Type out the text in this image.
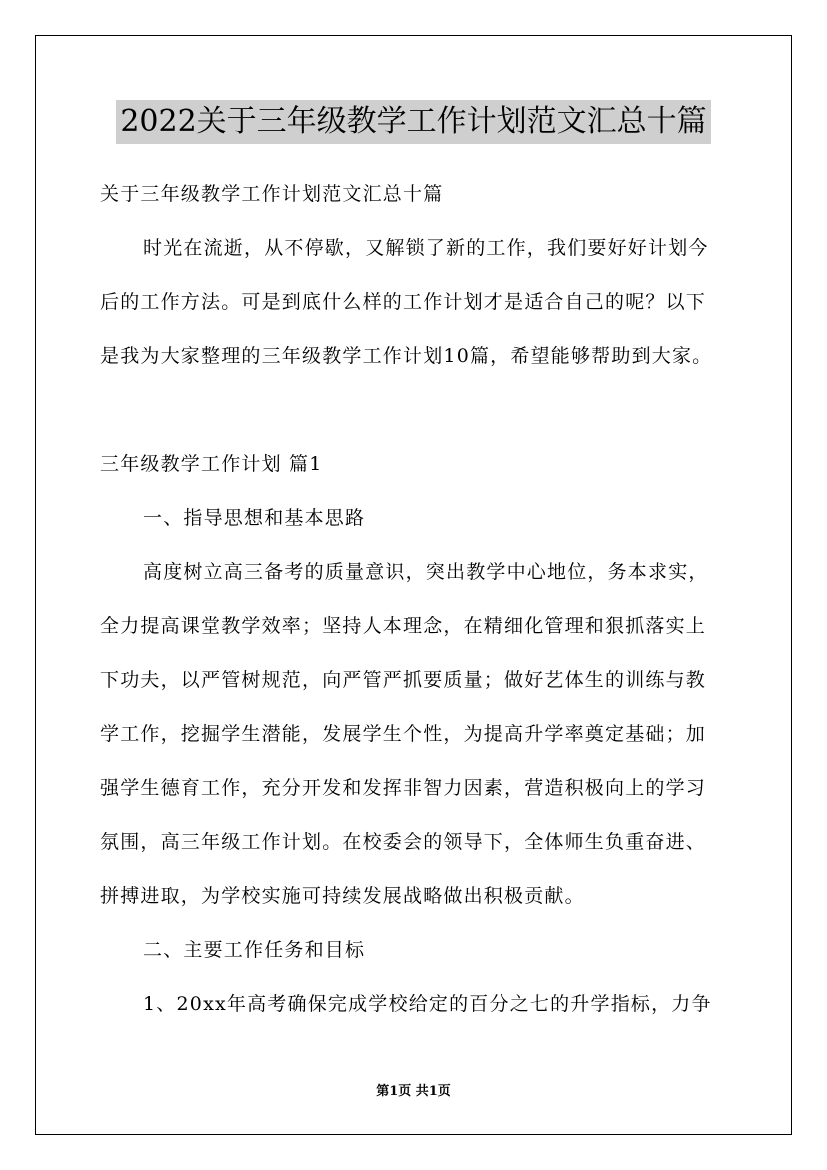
2022关于三年级教学工作计划范文汇总十篇
关于三年级教学工作计划范文汇总十篇
时光在流逝，从不停歇，又解锁了新的工作，我们要好好计划今
后的工作方法。可是到底什么样的工作计划才是适合自己的呢？以下
是我为大家整理的三年级教学工作计划10篇，希望能够帮助到大家。
三年级教学工作计划 篇1
一、指导思想和基本思路
高度树立高三备考的质量意识，突出教学中心地位，务本求实，
全力提高课堂教学效率；坚持人本理念，在精细化管理和狠抓落实上
下功夫，以严管树规范，向严管严抓要质量；做好艺体生的训练与教
学工作，挖掘学生潜能，发展学生个性，为提高升学率奠定基础；加
强学生德育工作，充分开发和发挥非智力因素，营造积极向上的学习
氛围，高三年级工作计划。在校委会的领导下，全体师生负重奋进、
拼搏进取，为学校实施可持续发展战略做出积极贡献。
二、主要工作任务和目标
1、20xx年高考确保完成学校给定的百分之七的升学指标，力争
第1页 共1页
